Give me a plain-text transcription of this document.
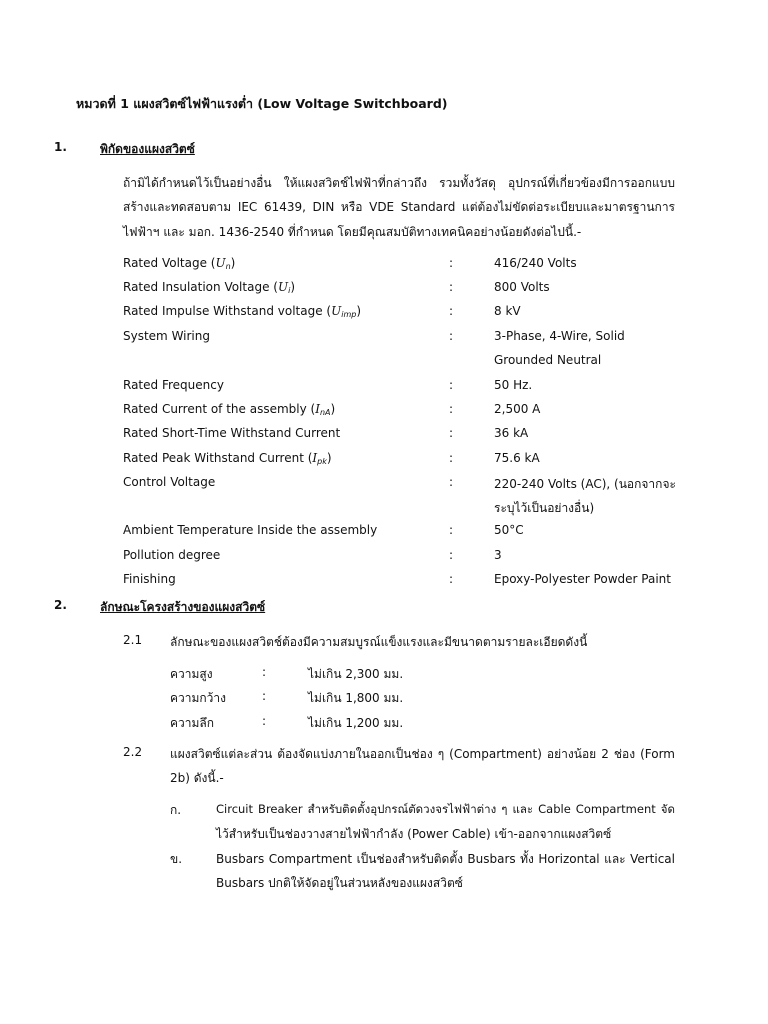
หมวดที่ 1 แผงสวิตซ์ไฟฟ้าแรงต่ำ (Low Voltage Switchboard)
1.	พิกัดของแผงสวิตซ์
ถ้ามิได้กำหนดไว้เป็นอย่างอื่น ให้แผงสวิตช์ไฟฟ้าที่กล่าวถึง รวมทั้งวัสดุ อุปกรณ์ที่เกี่ยวข้องมีการออกแบบ
สร้างและทดสอบตาม IEC 61439, DIN หรือ VDE Standard แต่ต้องไม่ขัดต่อระเบียบและมาตรฐานการ
ไฟฟ้าฯ และ มอก. 1436-2540 ที่กำหนด โดยมีคุณสมบัติทางเทคนิคอย่างน้อยดังต่อไปนี้.-
Rated Voltage $(U_n)$	:	416/240 Volts
Rated Insulation Voltage $(U_i)$	:	800 Volts
Rated Impulse Withstand voltage $(U_{imp})$	:	8 kV
System Wiring	:	3-Phase, 4-Wire, Solid
Grounded Neutral
Rated Frequency	:	50 Hz.
Rated Current of the assembly $(I_{nA})$	:	2,500 A
Rated Short-Time Withstand Current	:	36 kA
Rated Peak Withstand Current $(I_{pk})$	:	75.6 kA
Control Voltage	:	220-240 Volts (AC), (นอกจากจะ
ระบุไว้เป็นอย่างอื่น)
Ambient Temperature Inside the assembly	:	50°C
Pollution degree	:	3
Finishing	:	Epoxy-Polyester Powder Paint
2.	ลักษณะโครงสร้างของแผงสวิตซ์
2.1 ลักษณะของแผงสวิตช์ต้องมีความสมบูรณ์แข็งแรงและมีขนาดตามรายละเอียดดังนี้
ความสูง	:	ไม่เกิน 2,300 มม.
ความกว้าง	:	ไม่เกิน 1,800 มม.
ความลึก	:	ไม่เกิน 1,200 มม.
2.2 แผงสวิตซ์แต่ละส่วน ต้องจัดแบ่งภายในออกเป็นช่อง ๆ (Compartment) อย่างน้อย 2 ช่อง (Form
2b) ดังนี้.-
ก.	Circuit Breaker สำหรับติดตั้งอุปกรณ์ตัดวงจรไฟฟ้าต่าง ๆ และ Cable Compartment จัด
ไว้สำหรับเป็นช่องวางสายไฟฟ้ากำลัง (Power Cable) เข้า-ออกจากแผงสวิตซ์
ข.	Busbars Compartment เป็นช่องสำหรับติดตั้ง Busbars ทั้ง Horizontal และ Vertical
Busbars ปกติให้จัดอยู่ในส่วนหลังของแผงสวิตซ์
